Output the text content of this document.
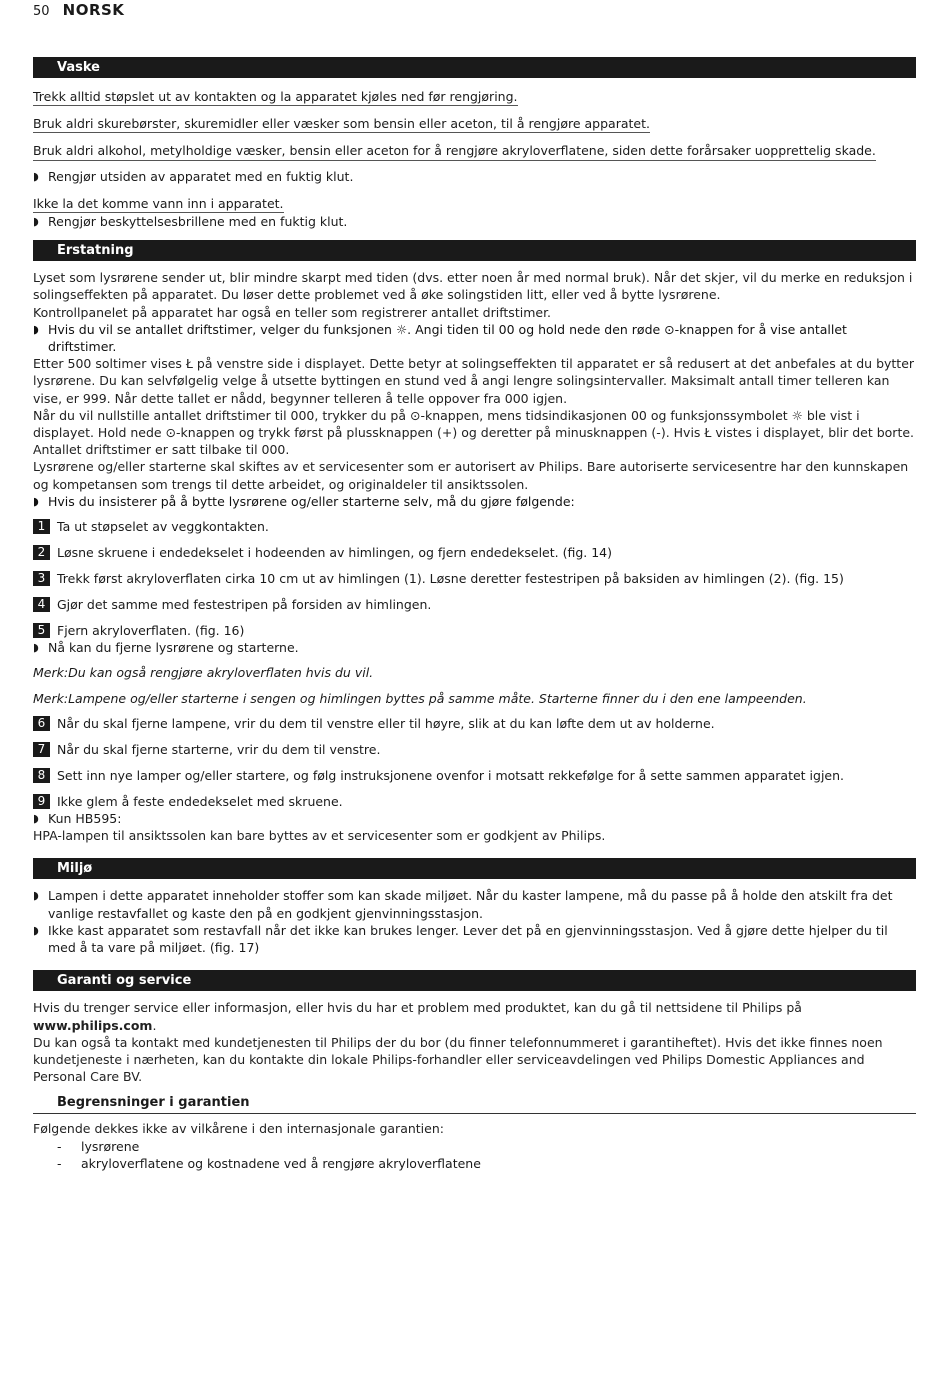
50 NORSK
Vaske
Trekk alltid støpslet ut av kontakten og la apparatet kjøles ned før rengjøring.
Bruk aldri skurebørster, skuremidler eller væsker som bensin eller aceton, til å rengjøre apparatet.
Bruk aldri alkohol, metylholdige væsker, bensin eller aceton for å rengjøre akryloverflatene, siden dette forårsaker uopprettelig skade.
◗ Rengjør utsiden av apparatet med en fuktig klut.
Ikke la det komme vann inn i apparatet.
◗ Rengjør beskyttelsesbrillene med en fuktig klut.
Erstatning

Lyset som lysrørene sender ut, blir mindre skarpt med tiden (dvs. etter noen år med normal bruk). Når det skjer, vil du merke en reduksjon i solingseffekten på apparatet. Du løser dette problemet ved å øke solingstiden litt, eller ved å bytte lysrørene.

Kontrollpanelet på apparatet har også en teller som registrerer antallet driftstimer.

◗ Hvis du vil se antallet driftstimer, velger du funksjonen ☼. Angi tiden til 00 og hold nede den røde ⊙-knappen for å vise antallet driftstimer.

Etter 500 soltimer vises Ł på venstre side i displayet. Dette betyr at solingseffekten til apparatet er så redusert at det anbefales at du bytter lysrørene. Du kan selvfølgelig velge å utsette byttingen en stund ved å angi lengre solingsintervaller. Maksimalt antall timer telleren kan vise, er 999. Når dette tallet er nådd, begynner telleren å telle oppover fra 000 igjen.

Når du vil nullstille antallet driftstimer til 000, trykker du på ⊙-knappen, mens tidsindikasjonen 00 og funksjonssymbolet ☼ ble vist i displayet. Hold nede ⊙-knappen og trykk først på plussknappen (+) og deretter på minusknappen (-). Hvis Ł vistes i displayet, blir det borte. Antallet driftstimer er satt tilbake til 000.

Lysrørene og/eller starterne skal skiftes av et servicesenter som er autorisert av Philips. Bare autoriserte servicesentre har den kunnskapen og kompetansen som trengs til dette arbeidet, og originaldeler til ansiktssolen.

◗ Hvis du insisterer på å bytte lysrørene og/eller starterne selv, må du gjøre følgende:
1 Ta ut støpselet av veggkontakten.
2 Løsne skruene i endedekselet i hodeenden av himlingen, og fjern endedekselet. (fig. 14)
3 Trekk først akryloverflaten cirka 10 cm ut av himlingen (1). Løsne deretter festestripen på baksiden av himlingen (2). (fig. 15)
4 Gjør det samme med festestripen på forsiden av himlingen.
5 Fjern akryloverflaten. (fig. 16)
◗ Nå kan du fjerne lysrørene og starterne.
Merk:Du kan også rengjøre akryloverflaten hvis du vil.
Merk:Lampene og/eller starterne i sengen og himlingen byttes på samme måte. Starterne finner du i den ene lampeenden.
6 Når du skal fjerne lampene, vrir du dem til venstre eller til høyre, slik at du kan løfte dem ut av holderne.
7 Når du skal fjerne starterne, vrir du dem til venstre.
8 Sett inn nye lamper og/eller startere, og følg instruksjonene ovenfor i motsatt rekkefølge for å sette sammen apparatet igjen.
9 Ikke glem å feste endedekselet med skruene.
◗ Kun HB595:

HPA-lampen til ansiktssolen kan bare byttes av et servicesenter som er godkjent av Philips.

Miljø
◗ Lampen i dette apparatet inneholder stoffer som kan skade miljøet. Når du kaster lampene, må du passe på å holde den atskilt fra det vanlige restavfallet og kaste den på en godkjent gjenvinningsstasjon.
◗ Ikke kast apparatet som restavfall når det ikke kan brukes lenger. Lever det på en gjenvinningsstasjon. Ved å gjøre dette hjelper du til med å ta vare på miljøet. (fig. 17)
Garanti og service

Hvis du trenger service eller informasjon, eller hvis du har et problem med produktet, kan du gå til nettsidene til Philips på www.philips.com.

Du kan også ta kontakt med kundetjenesten til Philips der du bor (du finner telefonnummeret i garantiheftet). Hvis det ikke finnes noen kundetjeneste i nærheten, kan du kontakte din lokale Philips-forhandler eller serviceavdelingen ved Philips Domestic Appliances and Personal Care BV.

Begrensninger i garantien

Følgende dekkes ikke av vilkårene i den internasjonale garantien:

- lysrørene
- akryloverflatene og kostnadene ved å rengjøre akryloverflatene
